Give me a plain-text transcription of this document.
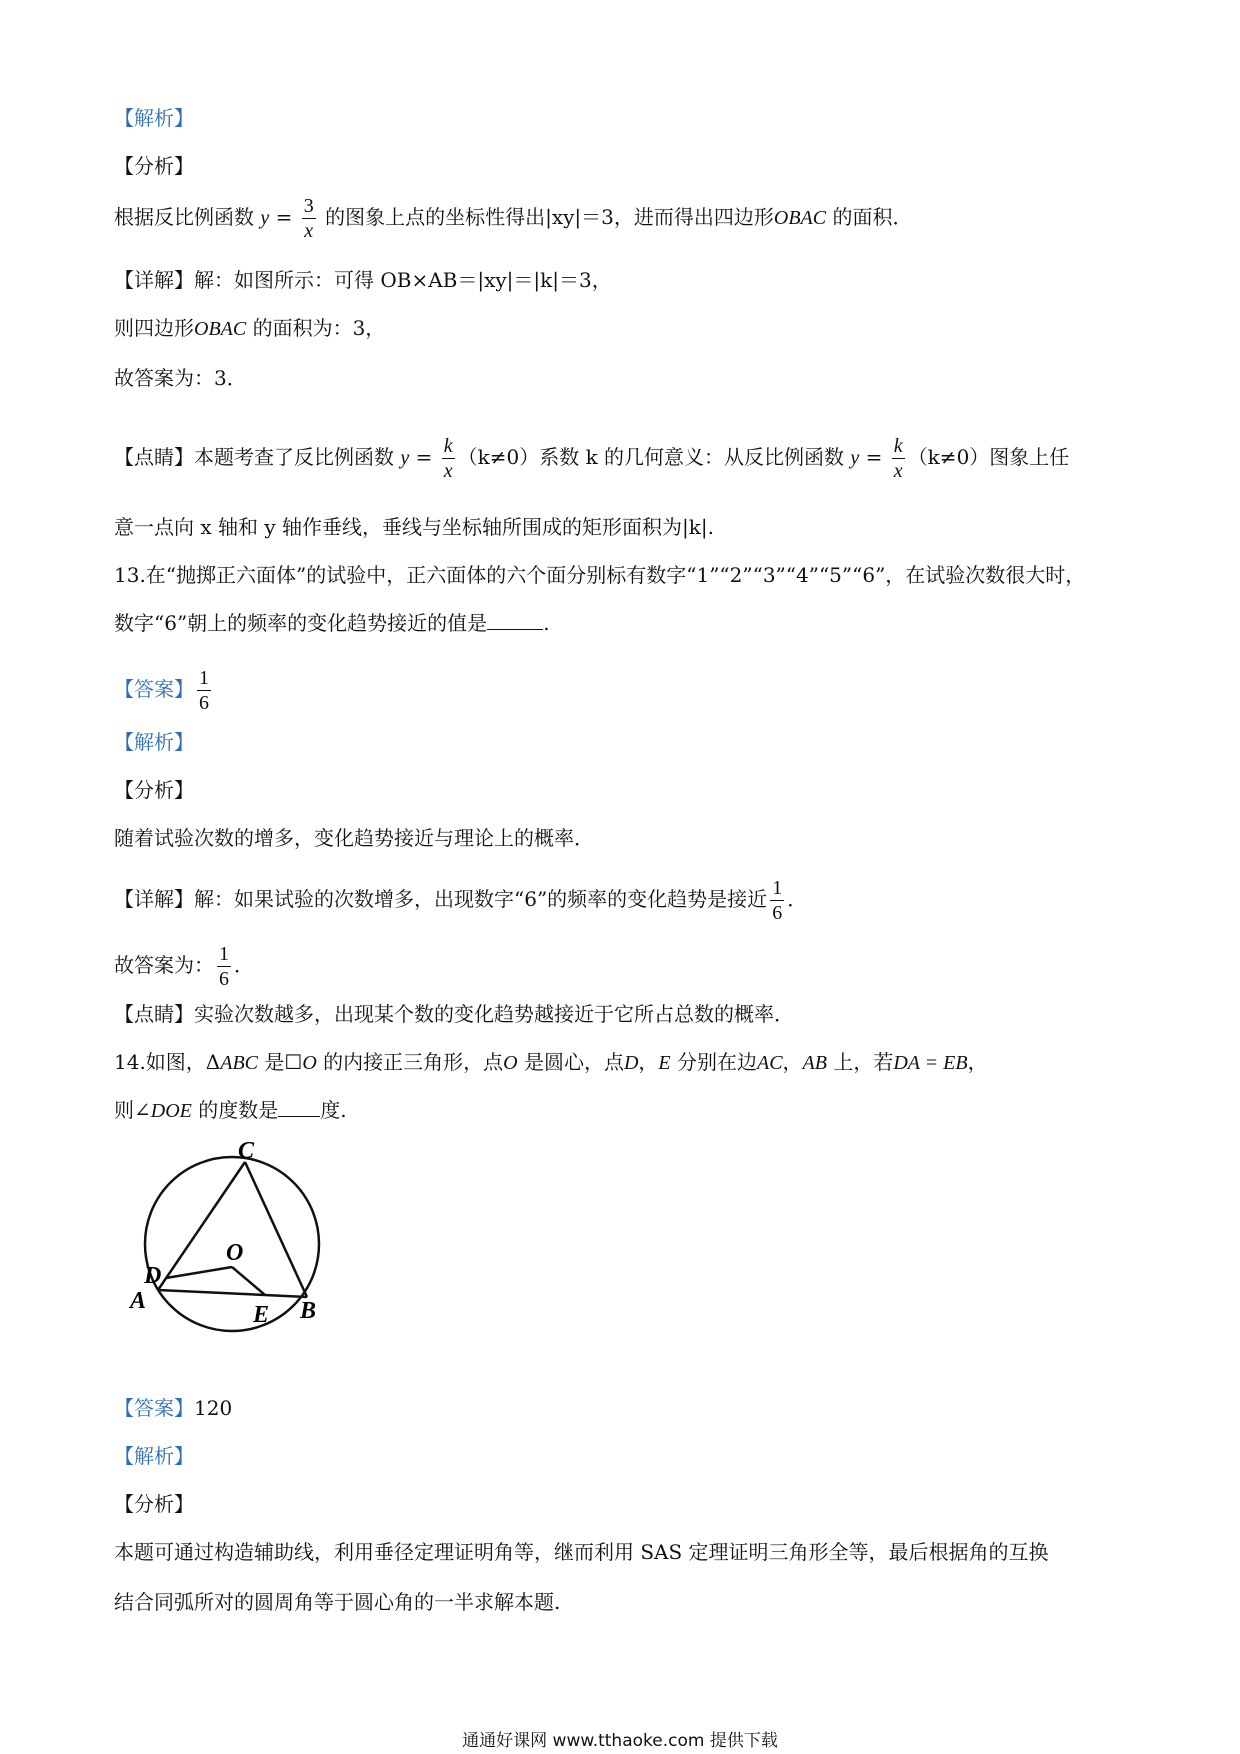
【解析】
【分析】
根据反比例函数 $y = \frac{3}{x}$ 的图象上点的坐标性得出|xy|＝3，进而得出四边形OBAC 的面积．
【详解】解：如图所示：可得 OB×AB＝|xy|＝|k|＝3，
则四边形OBAC 的面积为：3，
故答案为：3．
【点睛】本题考查了反比例函数 $y = \frac{k}{x} (k\ne 0)$系数 k 的几何意义：从反比例函数 $y = \frac{k}{x} (k\ne 0)$图象上任
意一点向 x 轴和 y 轴作垂线，垂线与坐标轴所围成的矩形面积为|k|.
13.在“抛掷正六面体”的试验中，正六面体的六个面分别标有数字“1”“2”“3”“4”“5”“6”，在试验次数很大时，
数字“6”朝上的频率的变化趋势接近的值是	.
【答案】 $\frac{1}{6}$
【解析】
【分析】
随着试验次数的增多，变化趋势接近与理论上的概率．
【详解】解：如果试验的次数增多，出现数字“6”的频率的变化趋势是接近 $\frac{1}{6}$ ．
故答案为： $\frac{1}{6}$ ．
【点睛】实验次数越多，出现某个数的变化趋势越接近于它所占总数的概率．
14.如图，ΔABC 是☐O 的内接正三角形，点O 是圆心，点D，E 分别在边AC，AB 上，若DA = EB，
则∠DOE 的度数是 度.
C
O
D
A
E B
【答案】120
【解析】
【分析】
本题可通过构造辅助线，利用垂径定理证明角等，继而利用 SAS 定理证明三角形全等，最后根据角的互换
结合同弧所对的圆周角等于圆心角的一半求解本题.
通通好课网 www.tthaoke.com 提供下载
